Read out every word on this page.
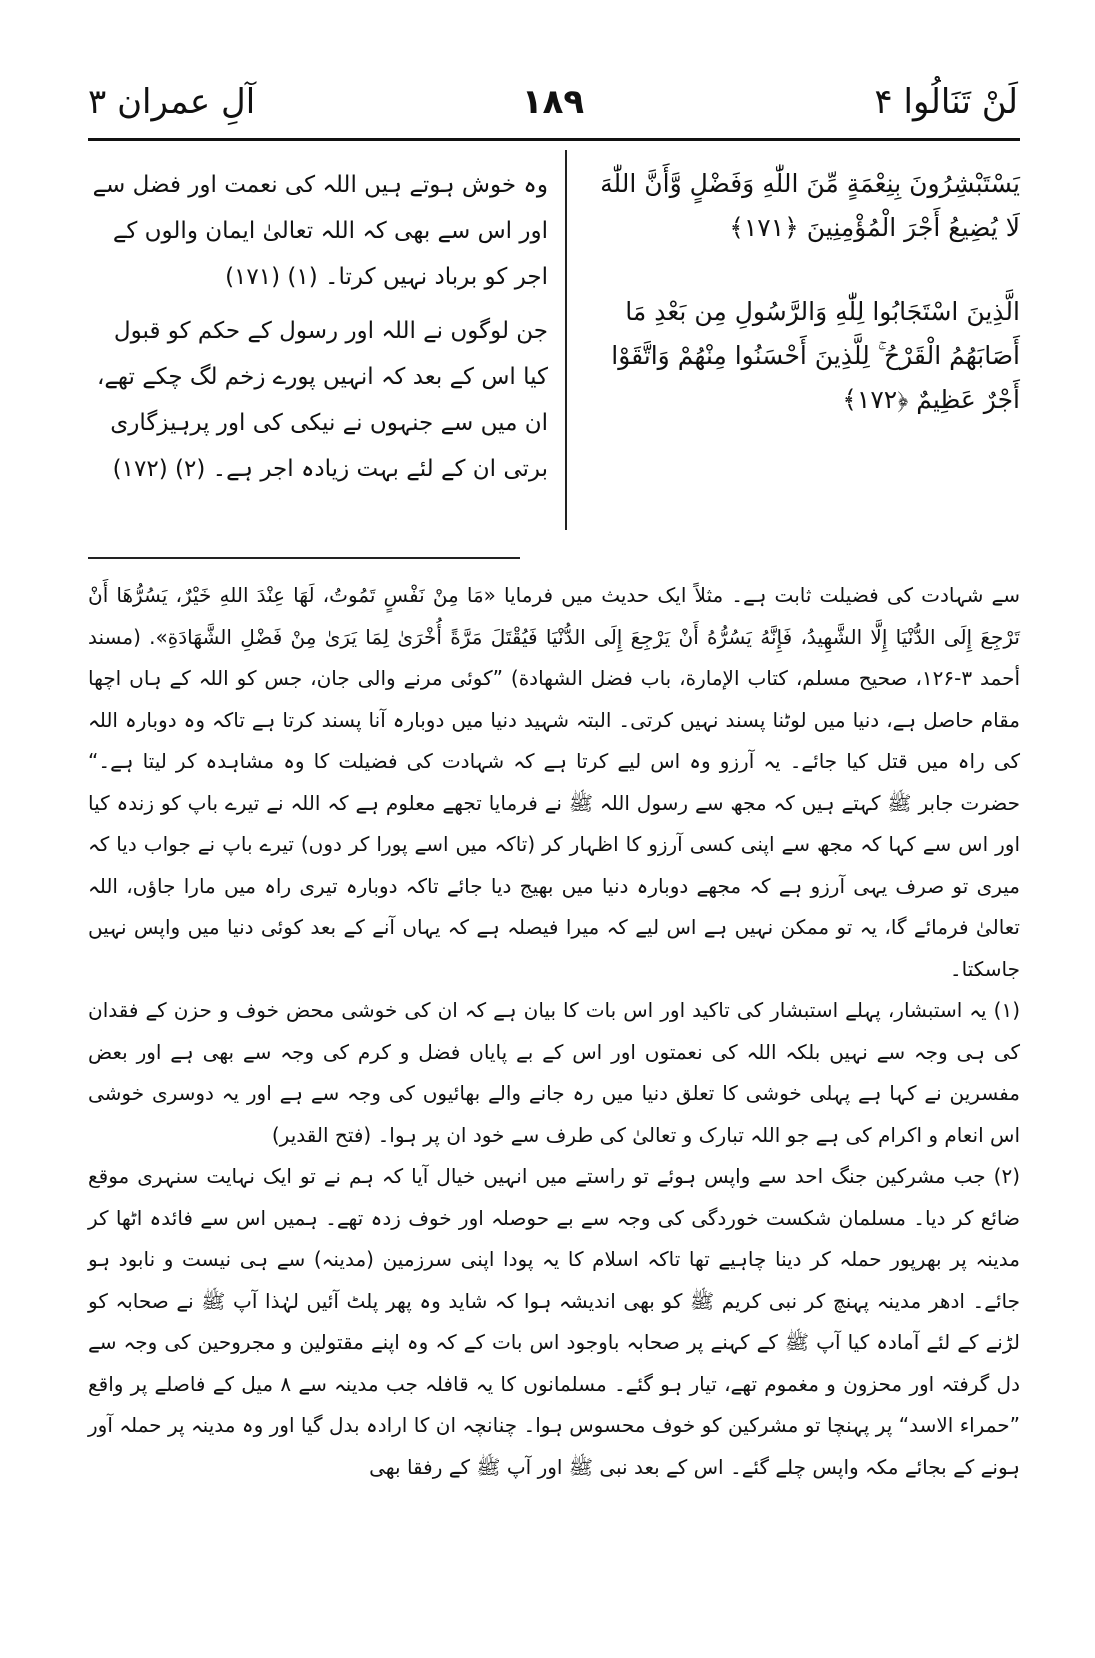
لَنْ تَنَالُوا ۴
١٨٩
آلِ عمران ۳

يَسْتَبْشِرُونَ بِنِعْمَةٍ مِّنَ اللّٰهِ وَفَضْلٍ وَّأَنَّ اللّٰهَ لَا يُضِيعُ أَجْرَ الْمُؤْمِنِينَ ﴿١٧١﴾

الَّذِينَ اسْتَجَابُوا لِلّٰهِ وَالرَّسُولِ مِن بَعْدِ مَا أَصَابَهُمُ الْقَرْحُ ۚ لِلَّذِينَ أَحْسَنُوا مِنْهُمْ وَاتَّقَوْا أَجْرٌ عَظِيمٌ ﴿١٧٢﴾

وہ خوش ہوتے ہیں اللہ کی نعمت اور فضل سے اور اس سے بھی کہ اللہ تعالیٰ ایمان والوں کے اجر کو برباد نہیں کرتا۔ (۱) (۱۷۱)

جن لوگوں نے اللہ اور رسول کے حکم کو قبول کیا اس کے بعد کہ انہیں پورے زخم لگ چکے تھے، ان میں سے جنہوں نے نیکی کی اور پرہیزگاری برتی ان کے لئے بہت زیادہ اجر ہے۔ (۲) (۱۷۲)

سے شہادت کی فضیلت ثابت ہے۔ مثلاً ایک حدیث میں فرمایا «مَا مِنْ نَفْسٍ تَمُوتُ، لَهَا عِنْدَ اللهِ خَيْرٌ، يَسُرُّهَا أَنْ تَرْجِعَ إِلَى الدُّنْيَا إِلَّا الشَّهِيدُ، فَإِنَّهُ يَسُرُّهُ أَنْ يَرْجِعَ إِلَى الدُّنْيَا فَيُقْتَلَ مَرَّةً أُخْرَىٰ لِمَا يَرَىٰ مِنْ فَضْلِ الشَّهَادَةِ». (مسند أحمد ۳-۱۲۶، صحيح مسلم، كتاب الإمارة، باب فضل الشهادة) ”کوئی مرنے والی جان، جس کو اللہ کے ہاں اچھا مقام حاصل ہے، دنیا میں لوٹنا پسند نہیں کرتی۔ البتہ شہید دنیا میں دوبارہ آنا پسند کرتا ہے تاکہ وہ دوبارہ اللہ کی راہ میں قتل کیا جائے۔ یہ آرزو وہ اس لیے کرتا ہے کہ شہادت کی فضیلت کا وہ مشاہدہ کر لیتا ہے۔“ حضرت جابر ﷺ کہتے ہیں کہ مجھ سے رسول اللہ ﷺ نے فرمایا تجھے معلوم ہے کہ اللہ نے تیرے باپ کو زندہ کیا اور اس سے کہا کہ مجھ سے اپنی کسی آرزو کا اظہار کر (تاکہ میں اسے پورا کر دوں) تیرے باپ نے جواب دیا کہ میری تو صرف یہی آرزو ہے کہ مجھے دوبارہ دنیا میں بھیج دیا جائے تاکہ دوبارہ تیری راہ میں مارا جاؤں، اللہ تعالیٰ فرمائے گا، یہ تو ممکن نہیں ہے اس لیے کہ میرا فیصلہ ہے کہ یہاں آنے کے بعد کوئی دنیا میں واپس نہیں جاسکتا۔

(۱) یہ استبشار، پہلے استبشار کی تاکید اور اس بات کا بیان ہے کہ ان کی خوشی محض خوف و حزن کے فقدان کی ہی وجہ سے نہیں بلکہ اللہ کی نعمتوں اور اس کے بے پایاں فضل و کرم کی وجہ سے بھی ہے اور بعض مفسرین نے کہا ہے پہلی خوشی کا تعلق دنیا میں رہ جانے والے بھائیوں کی وجہ سے ہے اور یہ دوسری خوشی اس انعام و اکرام کی ہے جو اللہ تبارک و تعالیٰ کی طرف سے خود ان پر ہوا۔ (فتح القدیر)

(۲) جب مشرکین جنگ احد سے واپس ہوئے تو راستے میں انہیں خیال آیا کہ ہم نے تو ایک نہایت سنہری موقع ضائع کر دیا۔ مسلمان شکست خوردگی کی وجہ سے بے حوصلہ اور خوف زدہ تھے۔ ہمیں اس سے فائدہ اٹھا کر مدینہ پر بھرپور حملہ کر دینا چاہیے تھا تاکہ اسلام کا یہ پودا اپنی سرزمین (مدینہ) سے ہی نیست و نابود ہو جائے۔ ادھر مدینہ پہنچ کر نبی کریم ﷺ کو بھی اندیشہ ہوا کہ شاید وہ پھر پلٹ آئیں لہٰذا آپ ﷺ نے صحابہ کو لڑنے کے لئے آمادہ کیا آپ ﷺ کے کہنے پر صحابہ باوجود اس بات کے کہ وہ اپنے مقتولین و مجروحین کی وجہ سے دل گرفتہ اور محزون و مغموم تھے، تیار ہو گئے۔ مسلمانوں کا یہ قافلہ جب مدینہ سے ۸ میل کے فاصلے پر واقع ”حمراء الاسد“ پر پہنچا تو مشرکین کو خوف محسوس ہوا۔ چنانچہ ان کا ارادہ بدل گیا اور وہ مدینہ پر حملہ آور ہونے کے بجائے مکہ واپس چلے گئے۔ اس کے بعد نبی ﷺ اور آپ ﷺ کے رفقا بھی
